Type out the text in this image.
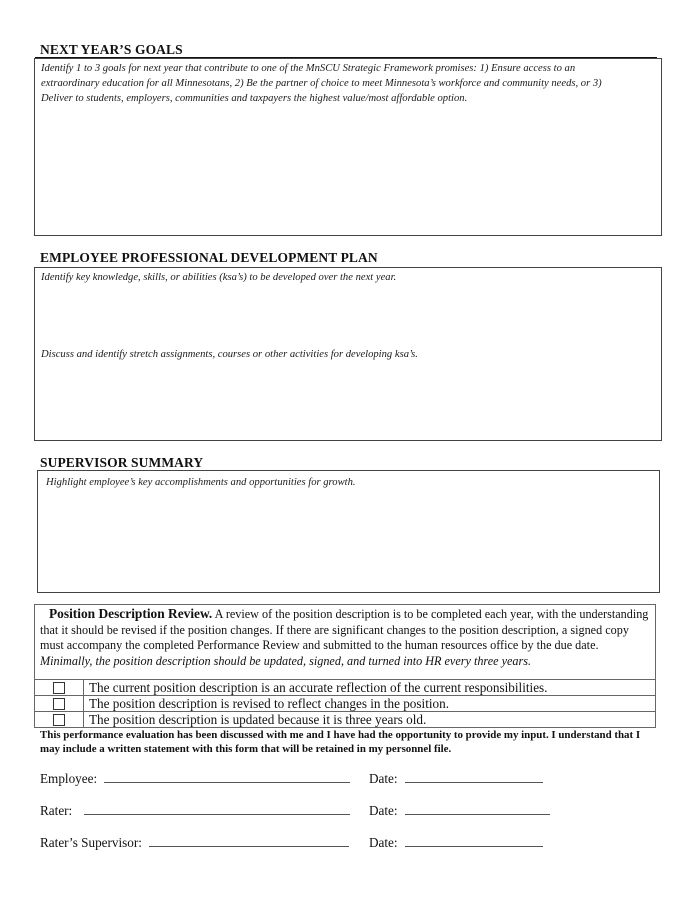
NEXT YEAR’S GOALS
Identify 1 to 3 goals for next year that contribute to one of the MnSCU Strategic Framework promises: 1) Ensure access to an
extraordinary education for all Minnesotans, 2) Be the partner of choice to meet Minnesota’s workforce and community needs, or 3)
Deliver to students, employers, communities and taxpayers the highest value/most affordable option.
EMPLOYEE PROFESSIONAL DEVELOPMENT PLAN
Identify key knowledge, skills, or abilities (ksa’s) to be developed over the next year.
Discuss and identify stretch assignments, courses or other activities for developing ksa’s.
SUPERVISOR SUMMARY
Highlight employee’s key accomplishments and opportunities for growth.
Position Description Review. A review of the position description is to be completed each year, with the understanding that it should be revised if the position changes. If there are significant changes to the position description, a signed copy must accompany the completed Performance Review and submitted to the human resources office by the due date. Minimally, the position description should be updated, signed, and turned into HR every three years.
	The current position description is an accurate reflection of the current responsibilities.
	The position description is revised to reflect changes in the position.
	The position description is updated because it is three years old.
This performance evaluation has been discussed with me and I have had the opportunity to provide my input. I understand that I may include a written statement with this form that will be retained in my personnel file.
Employee:	Date:
Rater:	Date:
Rater’s Supervisor:	Date:
